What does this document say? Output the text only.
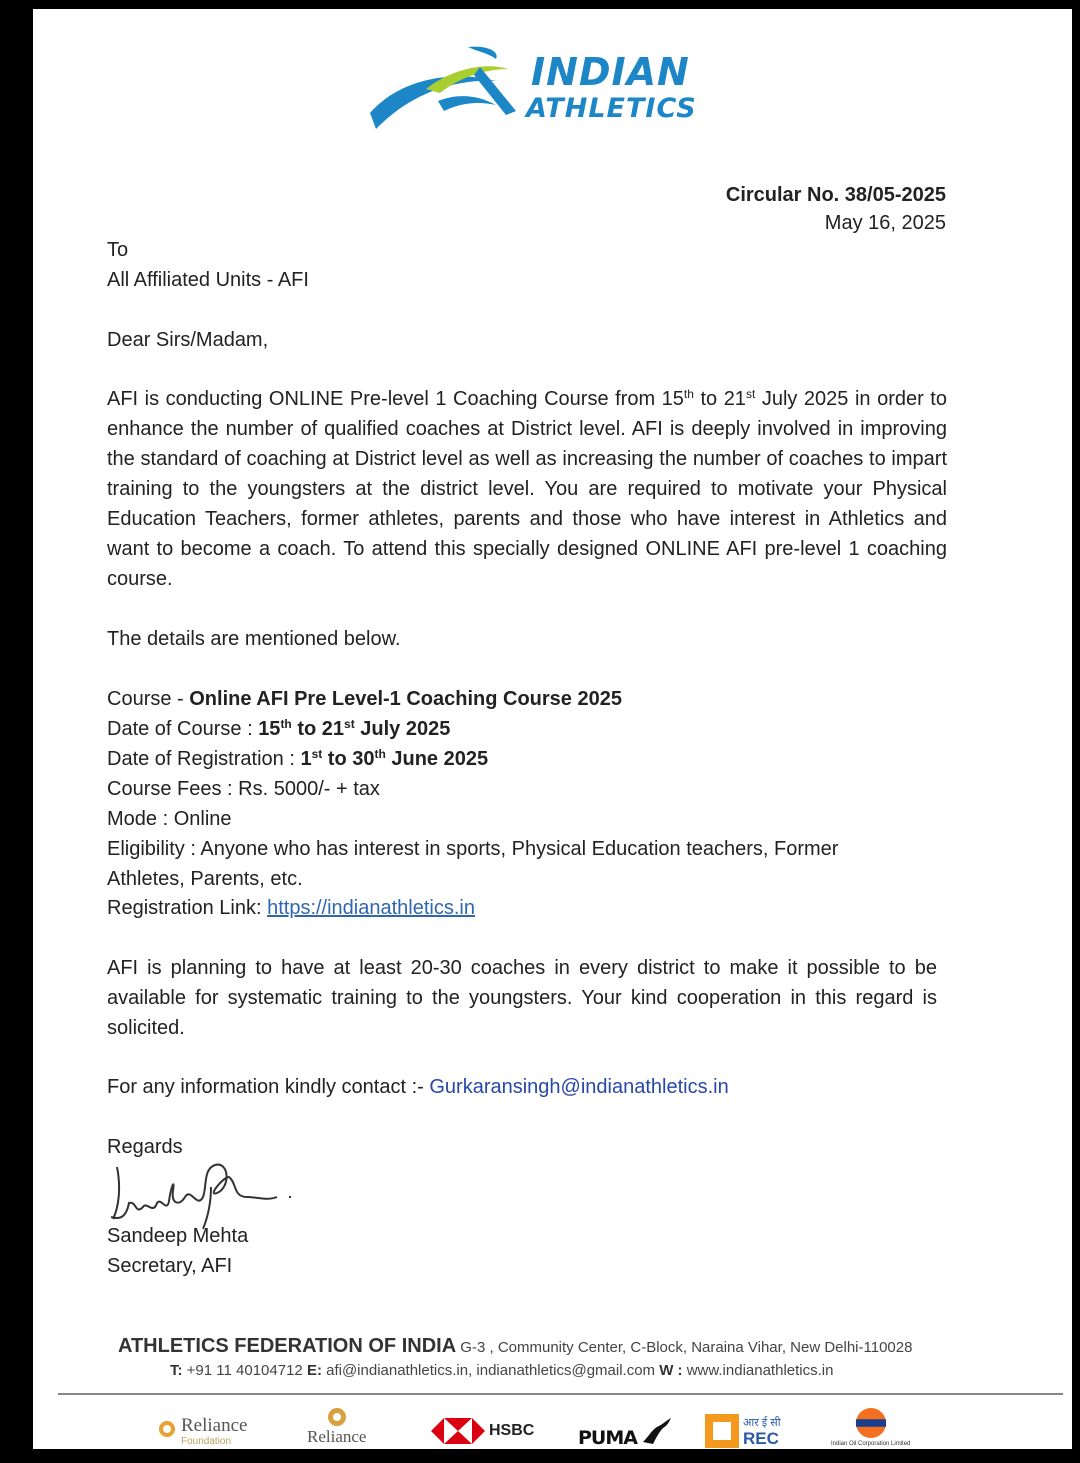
INDIAN
ATHLETICS
Circular No. 38/05-2025
May 16, 2025
To
All Affiliated Units - AFI
Dear Sirs/Madam,
AFI is conducting ONLINE Pre-level 1 Coaching Course from 15th to 21st July 2025 in order to enhance the number of qualified coaches at District level. AFI is deeply involved in improving the standard of coaching at District level as well as increasing the number of coaches to impart training to the youngsters at the district level. You are required to motivate your Physical Education Teachers, former athletes, parents and those who have interest in Athletics and want to become a coach. To attend this specially designed ONLINE AFI pre-level 1 coaching course.
The details are mentioned below.
Course - Online AFI Pre Level-1 Coaching Course 2025
Date of Course : 15th to 21st July 2025
Date of Registration : 1st to 30th June 2025
Course Fees : Rs. 5000/- + tax
Mode : Online
Eligibility : Anyone who has interest in sports, Physical Education teachers, Former
Athletes, Parents, etc.
Registration Link: https://indianathletics.in
AFI is planning to have at least 20-30 coaches in every district to make it possible to be available for systematic training to the youngsters. Your kind cooperation in this regard is solicited.
For any information kindly contact :- Gurkaransingh@indianathletics.in
Regards
Sandeep Mehta
Secretary, AFI
ATHLETICS FEDERATION OF INDIA G-3 , Community Center, C-Block, Naraina Vihar, New Delhi-110028
T: +91 11 40104712 E: afi@indianathletics.in, indianathletics@gmail.com W : www.indianathletics.in
Reliance
Foundation	Reliance	HSBC PUMA
आर ई सी
REC	Indian Oil Corporation Limited
